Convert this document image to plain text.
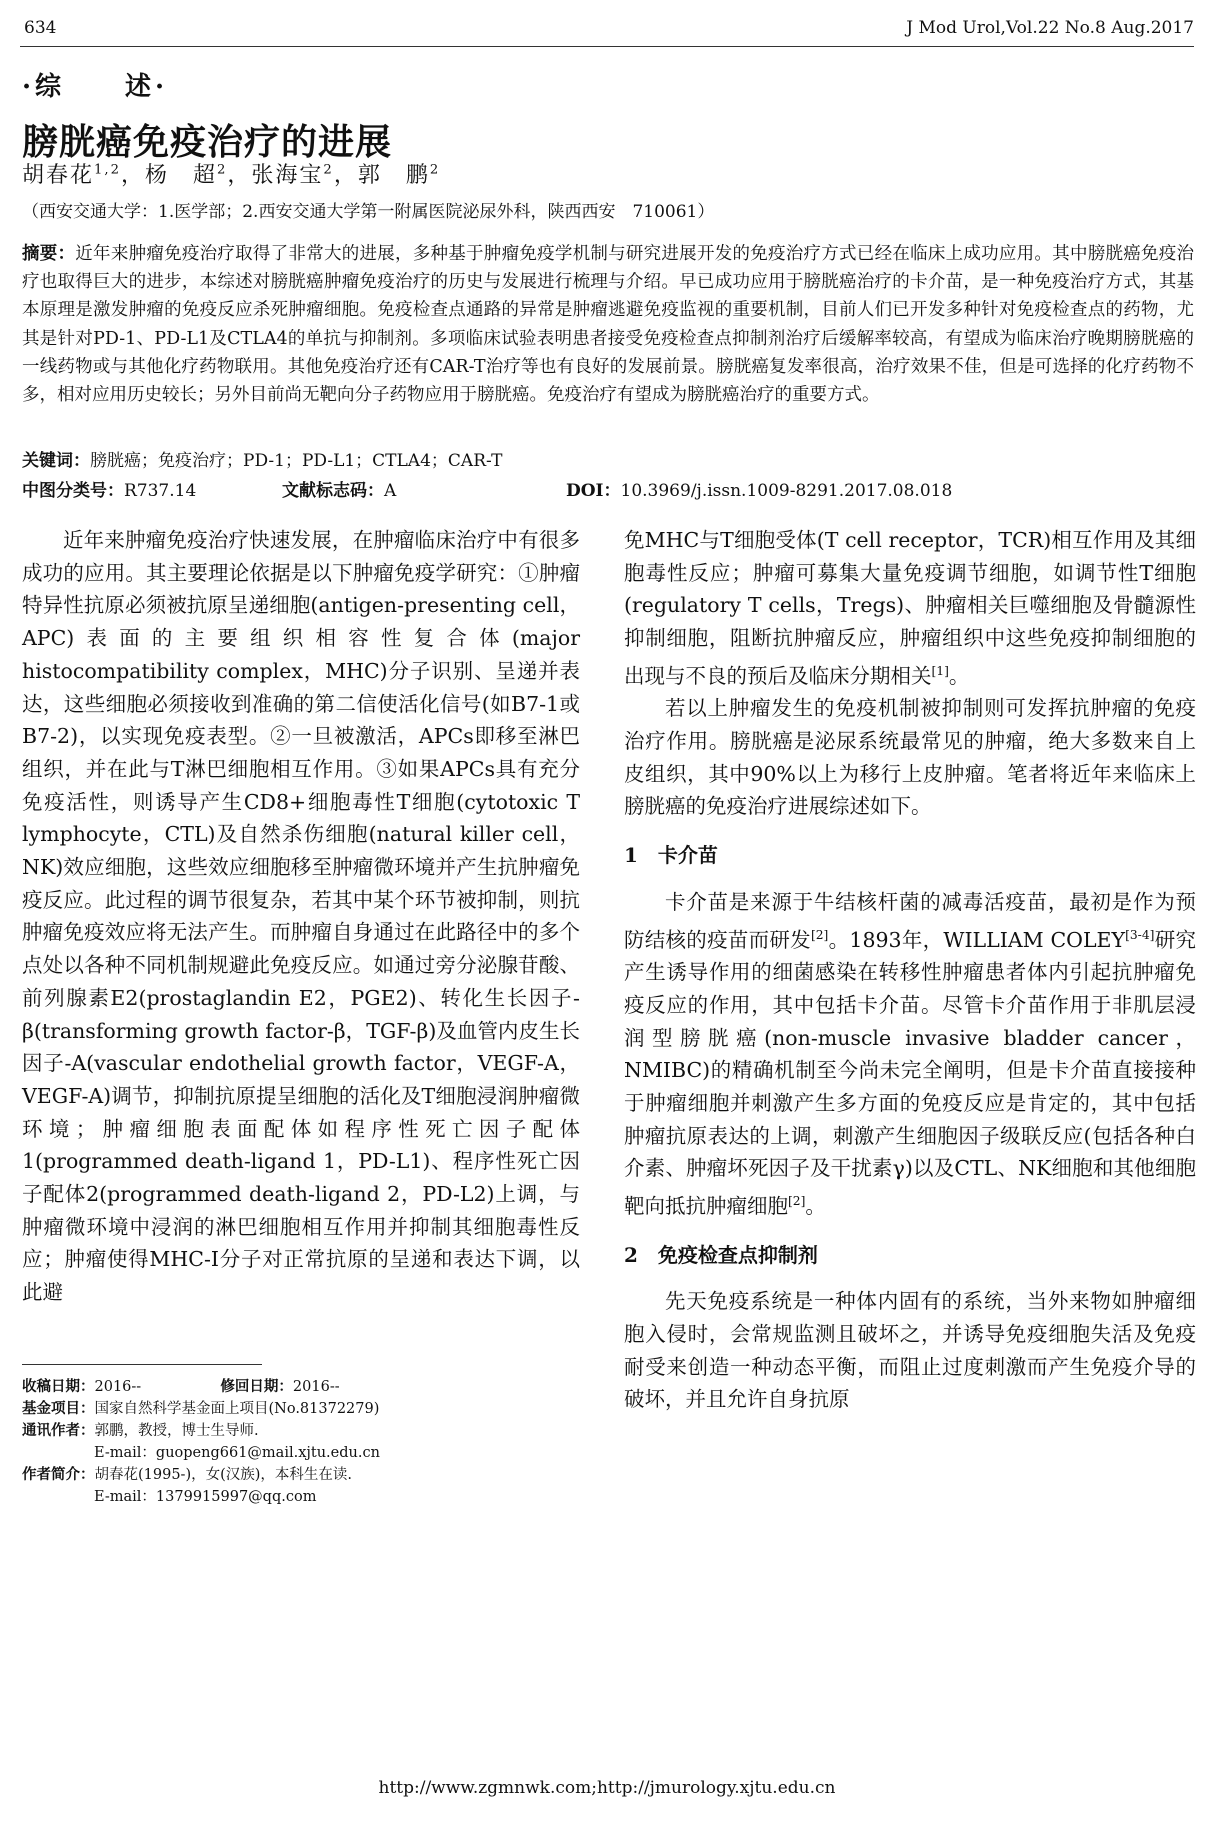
634	J Mod Urol,Vol.22 No.8 Aug.2017
·综　　述·
膀胱癌免疫治疗的进展
胡春花$^{1,2}$，杨　超$^2$，张海宝$^2$，郭　鹏$^2$
（西安交通大学：1.医学部；2.西安交通大学第一附属医院泌尿外科，陕西西安　710061）
摘要：近年来肿瘤免疫治疗取得了非常大的进展，多种基于肿瘤免疫学机制与研究进展开发的免疫治疗方式已经在临床上成功应用。其中膀胱癌免疫治疗也取得巨大的进步，本综述对膀胱癌肿瘤免疫治疗的历史与发展进行梳理与介绍。早已成功应用于膀胱癌治疗的卡介苗，是一种免疫治疗方式，其基本原理是激发肿瘤的免疫反应杀死肿瘤细胞。免疫检查点通路的异常是肿瘤逃避免疫监视的重要机制，目前人们已开发多种针对免疫检查点的药物，尤其是针对PD-1、PD-L1及CTLA4的单抗与抑制剂。多项临床试验表明患者接受免疫检查点抑制剂治疗后缓解率较高，有望成为临床治疗晚期膀胱癌的一线药物或与其他化疗药物联用。其他免疫治疗还有CAR-T治疗等也有良好的发展前景。膀胱癌复发率很高，治疗效果不佳，但是可选择的化疗药物不多，相对应用历史较长；另外目前尚无靶向分子药物应用于膀胱癌。免疫治疗有望成为膀胱癌治疗的重要方式。
关键词：膀胱癌；免疫治疗；PD-1；PD-L1；CTLA4；CAR-T
中图分类号：R737.14	文献标志码：A	DOI：10.3969/j.issn.1009-8291.2017.08.018

近年来肿瘤免疫治疗快速发展，在肿瘤临床治疗中有很多成功的应用。其主要理论依据是以下肿瘤免疫学研究：①肿瘤特异性抗原必须被抗原呈递细胞(antigen-presenting cell，APC)表面的主要组织相容性复合体(major histocompatibility complex，MHC)分子识别、呈递并表达，这些细胞必须接收到准确的第二信使活化信号(如B7-1或B7-2)，以实现免疫表型。②一旦被激活，APCs即移至淋巴组织，并在此与T淋巴细胞相互作用。③如果APCs具有充分免疫活性，则诱导产生CD8+细胞毒性T细胞(cytotoxic T lymphocyte，CTL)及自然杀伤细胞(natural killer cell，NK)效应细胞，这些效应细胞移至肿瘤微环境并产生抗肿瘤免疫反应。此过程的调节很复杂，若其中某个环节被抑制，则抗肿瘤免疫效应将无法产生。而肿瘤自身通过在此路径中的多个点处以各种不同机制规避此免疫反应。如通过旁分泌腺苷酸、前列腺素E2(prostaglandin E2，PGE2)、转化生长因子-β(transforming growth factor-β，TGF-β)及血管内皮生长因子-A(vascular endothelial growth factor，VEGF-A，VEGF-A)调节，抑制抗原提呈细胞的活化及T细胞浸润肿瘤微环境；肿瘤细胞表面配体如程序性死亡因子配体1(programmed death-ligand 1，PD-L1)、程序性死亡因子配体2(programmed death-ligand 2，PD-L2)上调，与肿瘤微环境中浸润的淋巴细胞相互作用并抑制其细胞毒性反应；肿瘤使得MHC-I分子对正常抗原的呈递和表达下调，以此避

收稿日期：2016--	修回日期：2016--
基金项目：国家自然科学基金面上项目(No.81372279)
通讯作者：郭鹏，教授，博士生导师.
E-mail：guopeng661@mail.xjtu.edu.cn
作者简介：胡春花(1995-)，女(汉族)，本科生在读.
E-mail：1379915997@qq.com

免MHC与T细胞受体(T cell receptor，TCR)相互作用及其细胞毒性反应；肿瘤可募集大量免疫调节细胞，如调节性T细胞(regulatory T cells，Tregs)、肿瘤相关巨噬细胞及骨髓源性抑制细胞，阻断抗肿瘤反应，肿瘤组织中这些免疫抑制细胞的出现与不良的预后及临床分期相关[1]。

若以上肿瘤发生的免疫机制被抑制则可发挥抗肿瘤的免疫治疗作用。膀胱癌是泌尿系统最常见的肿瘤，绝大多数来自上皮组织，其中90%以上为移行上皮肿瘤。笔者将近年来临床上膀胱癌的免疫治疗进展综述如下。

1　卡介苗

卡介苗是来源于牛结核杆菌的减毒活疫苗，最初是作为预防结核的疫苗而研发[2]。1893年，WILLIAM COLEY[3-4]研究产生诱导作用的细菌感染在转移性肿瘤患者体内引起抗肿瘤免疫反应的作用，其中包括卡介苗。尽管卡介苗作用于非肌层浸润型膀胱癌(non-muscle invasive bladder cancer，NMIBC)的精确机制至今尚未完全阐明，但是卡介苗直接接种于肿瘤细胞并刺激产生多方面的免疫反应是肯定的，其中包括肿瘤抗原表达的上调，刺激产生细胞因子级联反应(包括各种白介素、肿瘤坏死因子及干扰素γ)以及CTL、NK细胞和其他细胞靶向抵抗肿瘤细胞[2]。

2　免疫检查点抑制剂

先天免疫系统是一种体内固有的系统，当外来物如肿瘤细胞入侵时，会常规监测且破坏之，并诱导免疫细胞失活及免疫耐受来创造一种动态平衡，而阻止过度刺激而产生免疫介导的破坏，并且允许自身抗原

http://www.zgmnwk.com;http://jmurology.xjtu.edu.cn
